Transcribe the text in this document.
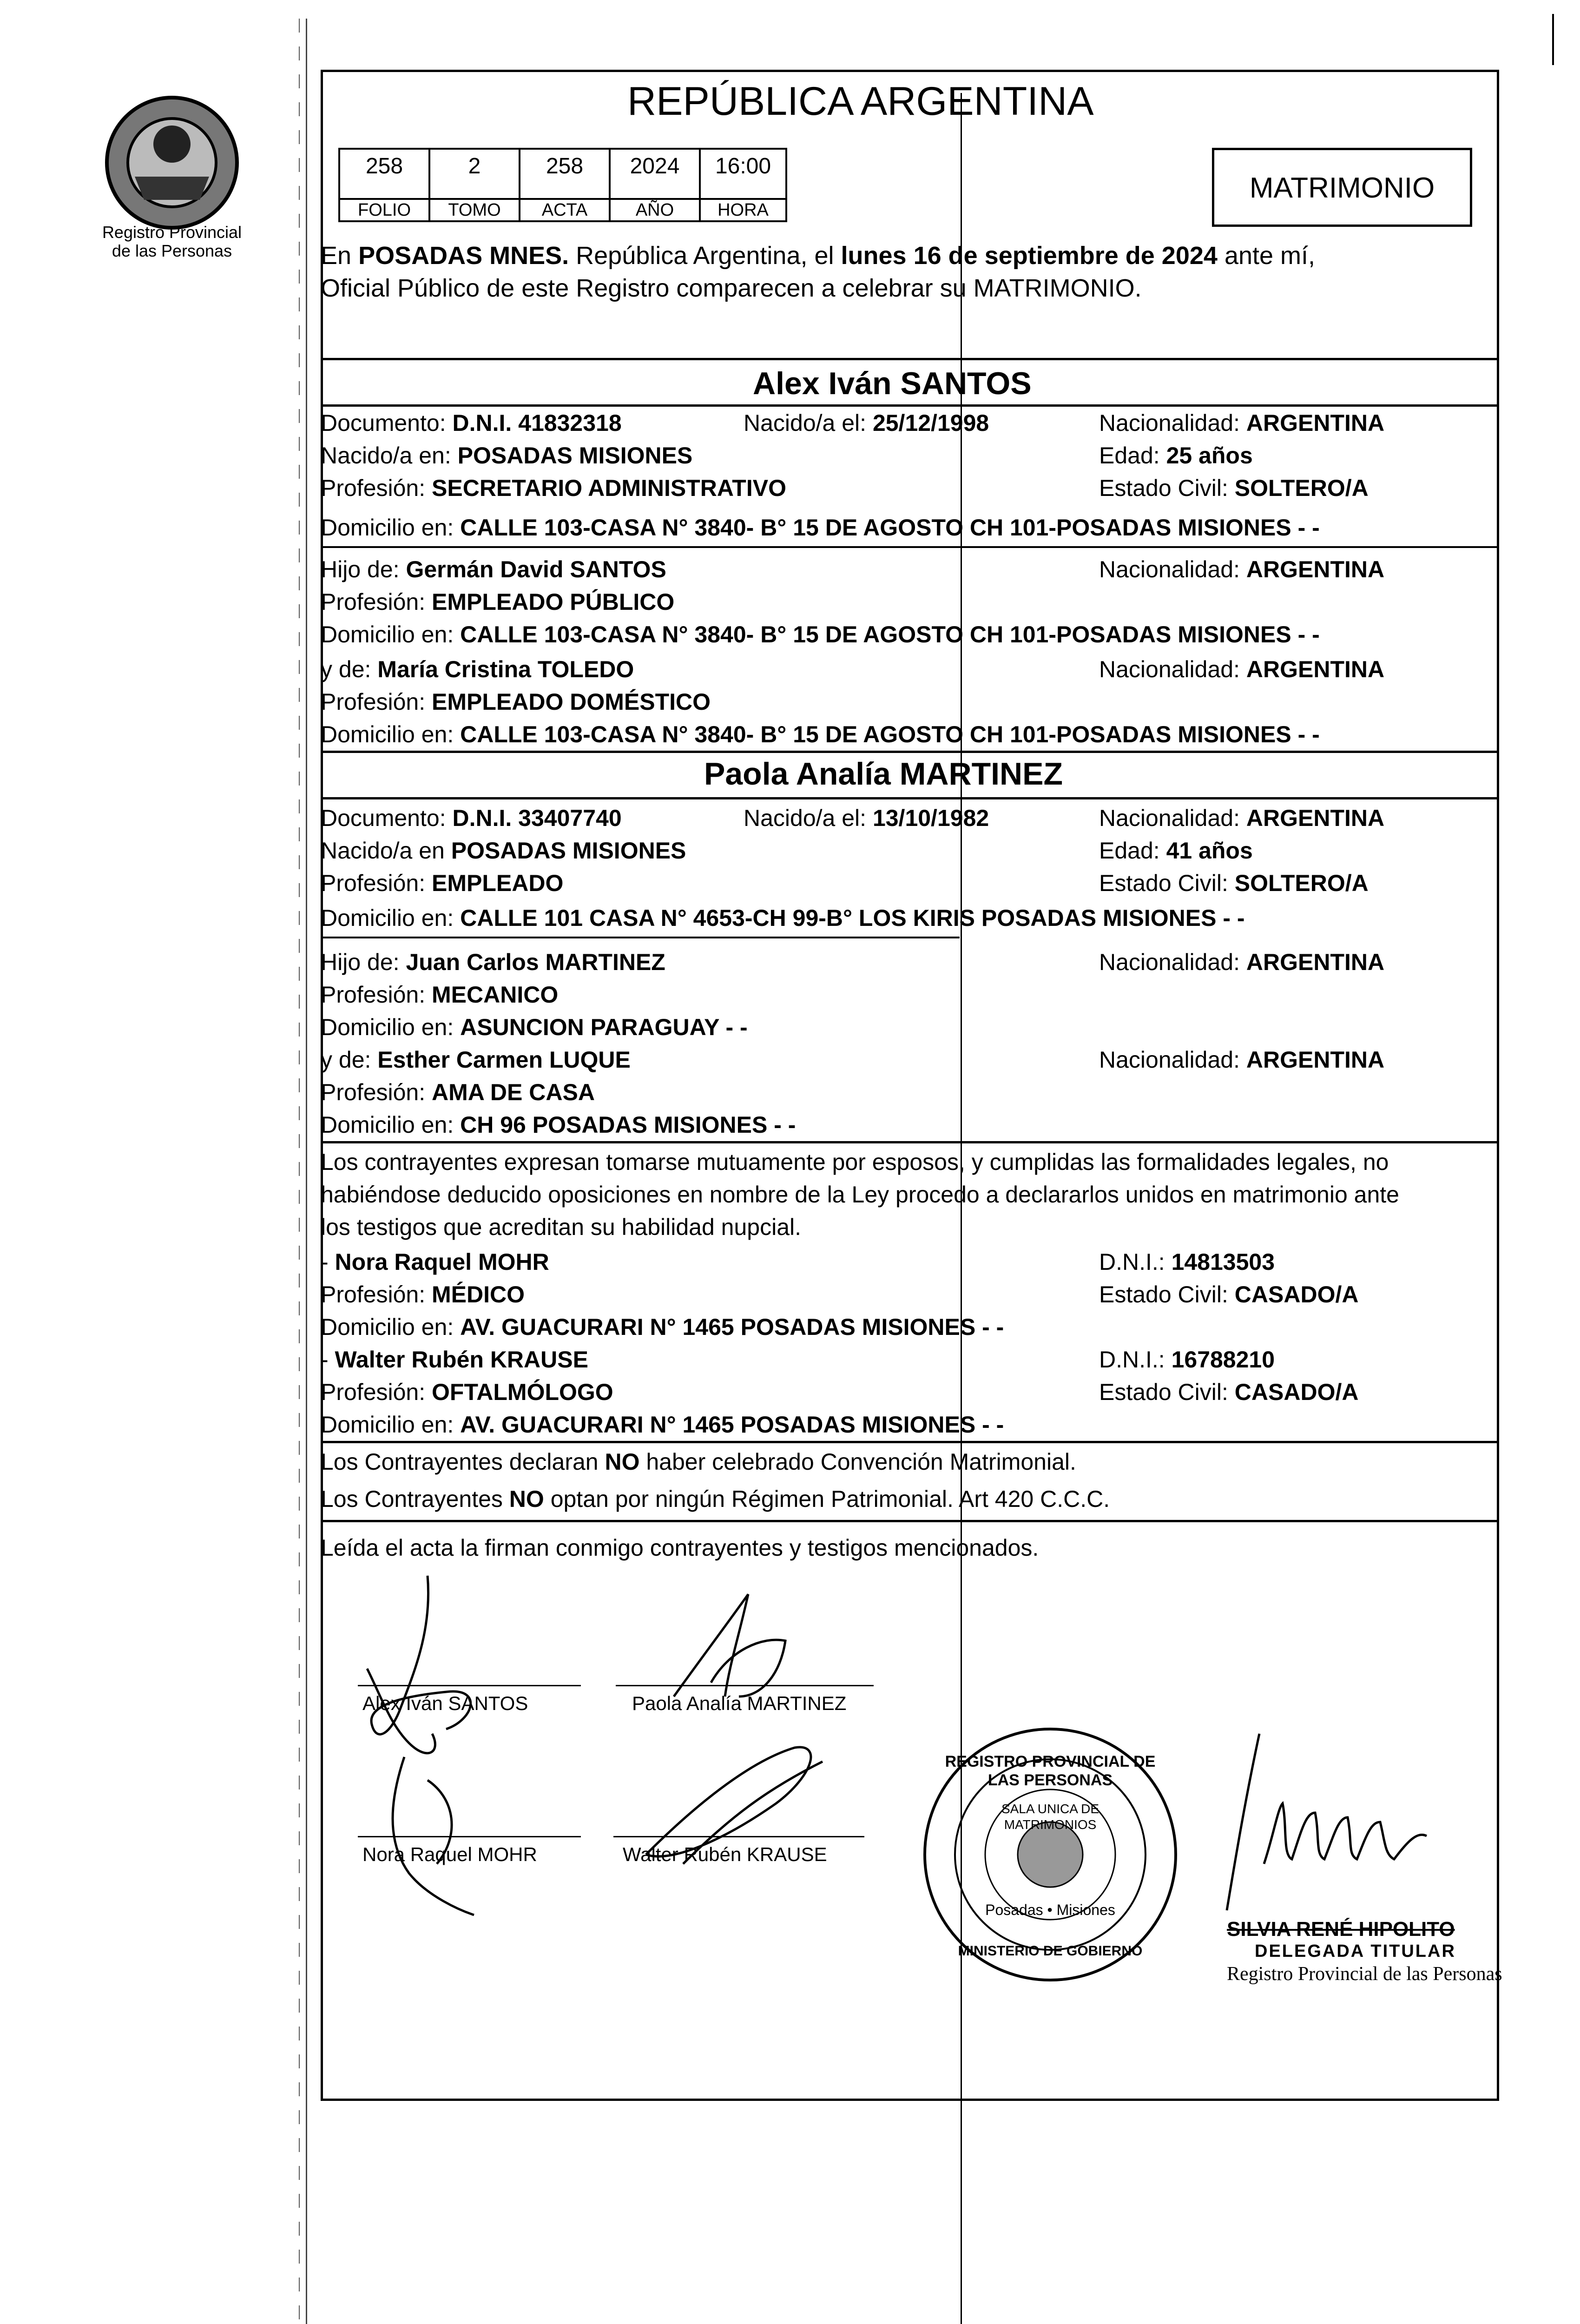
Registro Provincial
de las Personas
REPÚBLICA ARGENTINA
258	2	258	2024	16:00
FOLIO	TOMO	ACTA	AÑO	HORA
MATRIMONIO
En POSADAS MNES. República Argentina, el lunes 16 de septiembre de 2024 ante mí,
Oficial Público de este Registro comparecen a celebrar su MATRIMONIO.
Alex Iván SANTOS
Documento: D.N.I. 41832318	Nacido/a el: 25/12/1998	Nacionalidad: ARGENTINA
Nacido/a en: POSADAS MISIONES	Edad: 25 años
Profesión: SECRETARIO ADMINISTRATIVO	Estado Civil: SOLTERO/A
Domicilio en: CALLE 103-CASA N° 3840- B° 15 DE AGOSTO CH 101-POSADAS MISIONES - -
Hijo de: Germán David SANTOS	Nacionalidad: ARGENTINA
Profesión: EMPLEADO PÚBLICO
Domicilio en: CALLE 103-CASA N° 3840- B° 15 DE AGOSTO CH 101-POSADAS MISIONES - -
y de: María Cristina TOLEDO	Nacionalidad: ARGENTINA
Profesión: EMPLEADO DOMÉSTICO
Domicilio en: CALLE 103-CASA N° 3840- B° 15 DE AGOSTO CH 101-POSADAS MISIONES - -
Paola Analía MARTINEZ
Documento: D.N.I. 33407740	Nacido/a el: 13/10/1982	Nacionalidad: ARGENTINA
Nacido/a en POSADAS MISIONES	Edad: 41 años
Profesión: EMPLEADO	Estado Civil: SOLTERO/A
Domicilio en: CALLE 101 CASA N° 4653-CH 99-B° LOS KIRIS POSADAS MISIONES - -
Hijo de: Juan Carlos MARTINEZ	Nacionalidad: ARGENTINA
Profesión: MECANICO
Domicilio en: ASUNCION PARAGUAY - -
y de: Esther Carmen LUQUE	Nacionalidad: ARGENTINA
Profesión: AMA DE CASA
Domicilio en: CH 96 POSADAS MISIONES - -
Los contrayentes expresan tomarse mutuamente por esposos, y cumplidas las formalidades legales, no
habiéndose deducido oposiciones en nombre de la Ley procedo a declararlos unidos en matrimonio ante
los testigos que acreditan su habilidad nupcial.
- Nora Raquel MOHR	D.N.I.: 14813503
Profesión: MÉDICO	Estado Civil: CASADO/A
Domicilio en: AV. GUACURARI N° 1465 POSADAS MISIONES - -
- Walter Rubén KRAUSE	D.N.I.: 16788210
Profesión: OFTALMÓLOGO	Estado Civil: CASADO/A
Domicilio en: AV. GUACURARI N° 1465 POSADAS MISIONES - -
Los Contrayentes declaran NO haber celebrado Convención Matrimonial.
Los Contrayentes NO optan por ningún Régimen Patrimonial. Art 420 C.C.C.
Leída el acta la firman conmigo contrayentes y testigos mencionados.
Alex Iván SANTOS	Paola Analía MARTINEZ
Nora Raquel MOHR	Walter Rubén KRAUSE
REGISTRO PROVINCIAL DE LAS PERSONAS
SALA UNICA DE MATRIMONIOS
Posadas • Misiones
MINISTERIO DE GOBIERNO
SILVIA RENÉ HIPOLITO
DELEGADA TITULAR
Registro Provincial de las Personas
